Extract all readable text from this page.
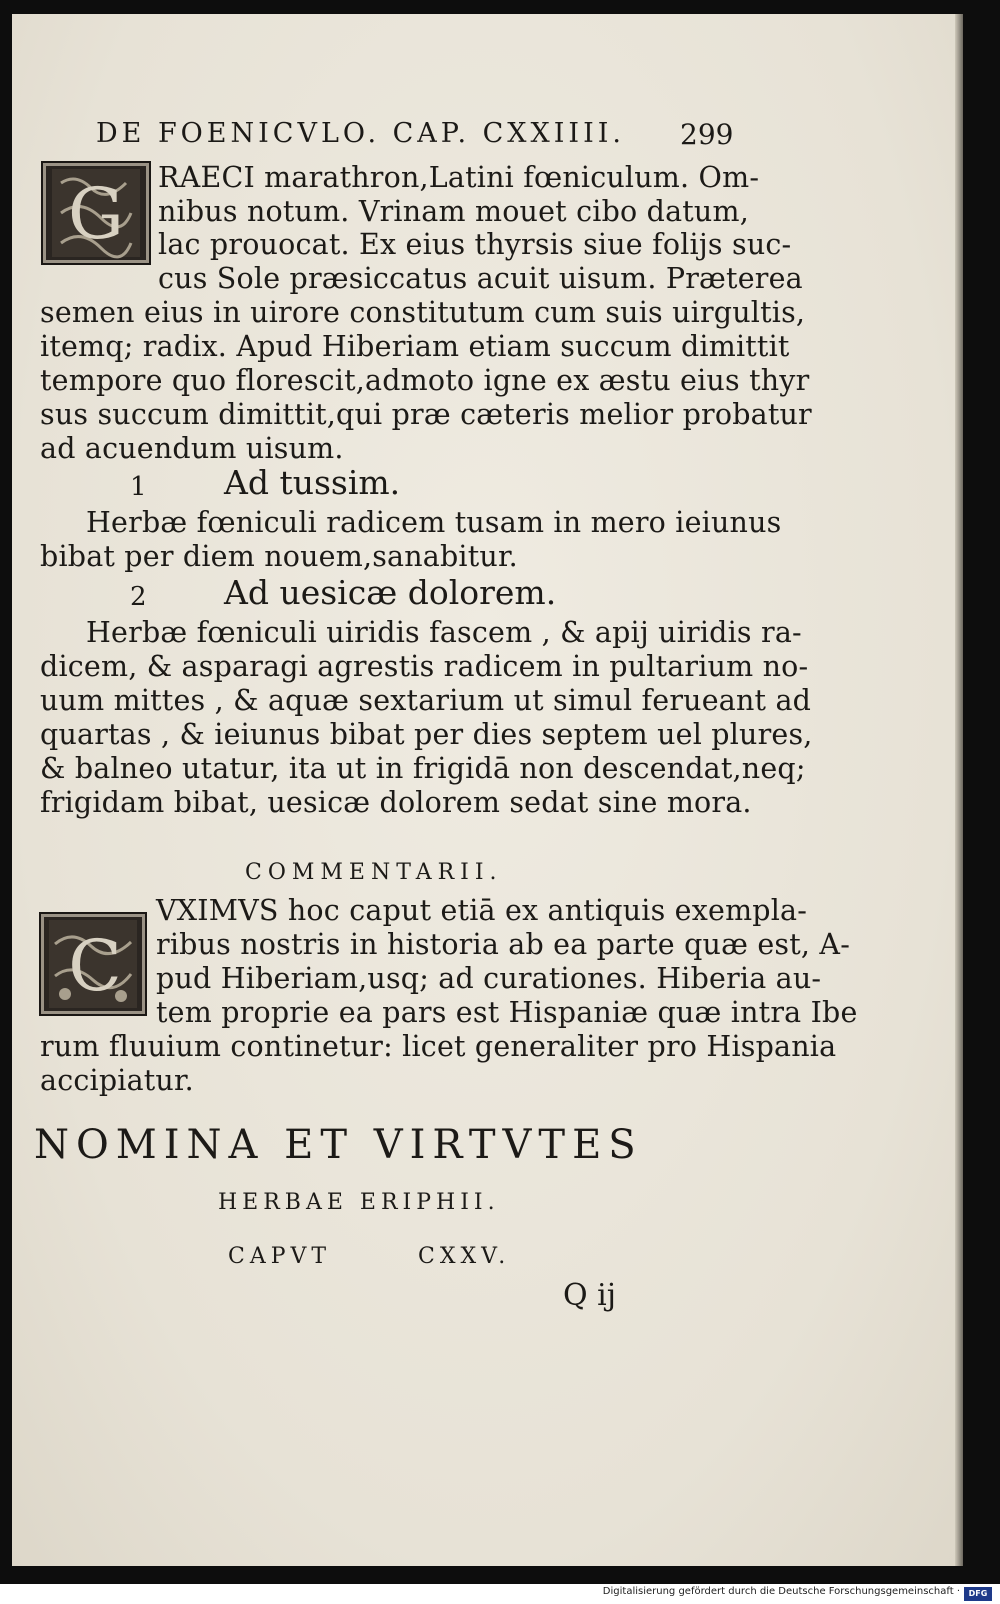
DE FOENICVLO. CAP. CXXIIII. 299
G RAECI marathron,Latini fœniculum. Om-
nibus notum. Vrinam mouet cibo datum,
lac prouocat. Ex eius thyrsis siue folijs suc-
cus Sole præsiccatus acuit uisum. Præterea
semen eius in uirore constitutum cum suis uirgultis,
itemq; radix. Apud Hiberiam etiam succum dimittit
tempore quo florescit,admoto igne ex æstu eius thyr
sus succum dimittit,qui præ cæteris melior probatur
ad acuendum uisum.
1 Ad tussim.
Herbæ fœniculi radicem tusam in mero ieiunus
bibat per diem nouem,sanabitur.
2 Ad uesicæ dolorem.
Herbæ fœniculi uiridis fascem , & apij uiridis ra-
dicem, & asparagi agrestis radicem in pultarium no-
uum mittes , & aquæ sextarium ut simul ferueant ad
quartas , & ieiunus bibat per dies septem uel plures,
& balneo utatur, ita ut in frigidā non descendat,neq;
frigidam bibat, uesicæ dolorem sedat sine mora.
COMMENTARII.
C
VXIMVS hoc caput etiā ex antiquis exempla-
ribus nostris in historia ab ea parte quæ est, A-
pud Hiberiam,usq; ad curationes. Hiberia au-
tem proprie ea pars est Hispaniæ quæ intra Ibe
rum fluuium continetur: licet generaliter pro Hispania
accipiatur.
NOMINA ET VIRTVTES
HERBAE ERIPHII.
CAPVT	CXXV.
Q ij
Digitalisierung gefördert durch die Deutsche Forschungsgemeinschaft ·	DFG
